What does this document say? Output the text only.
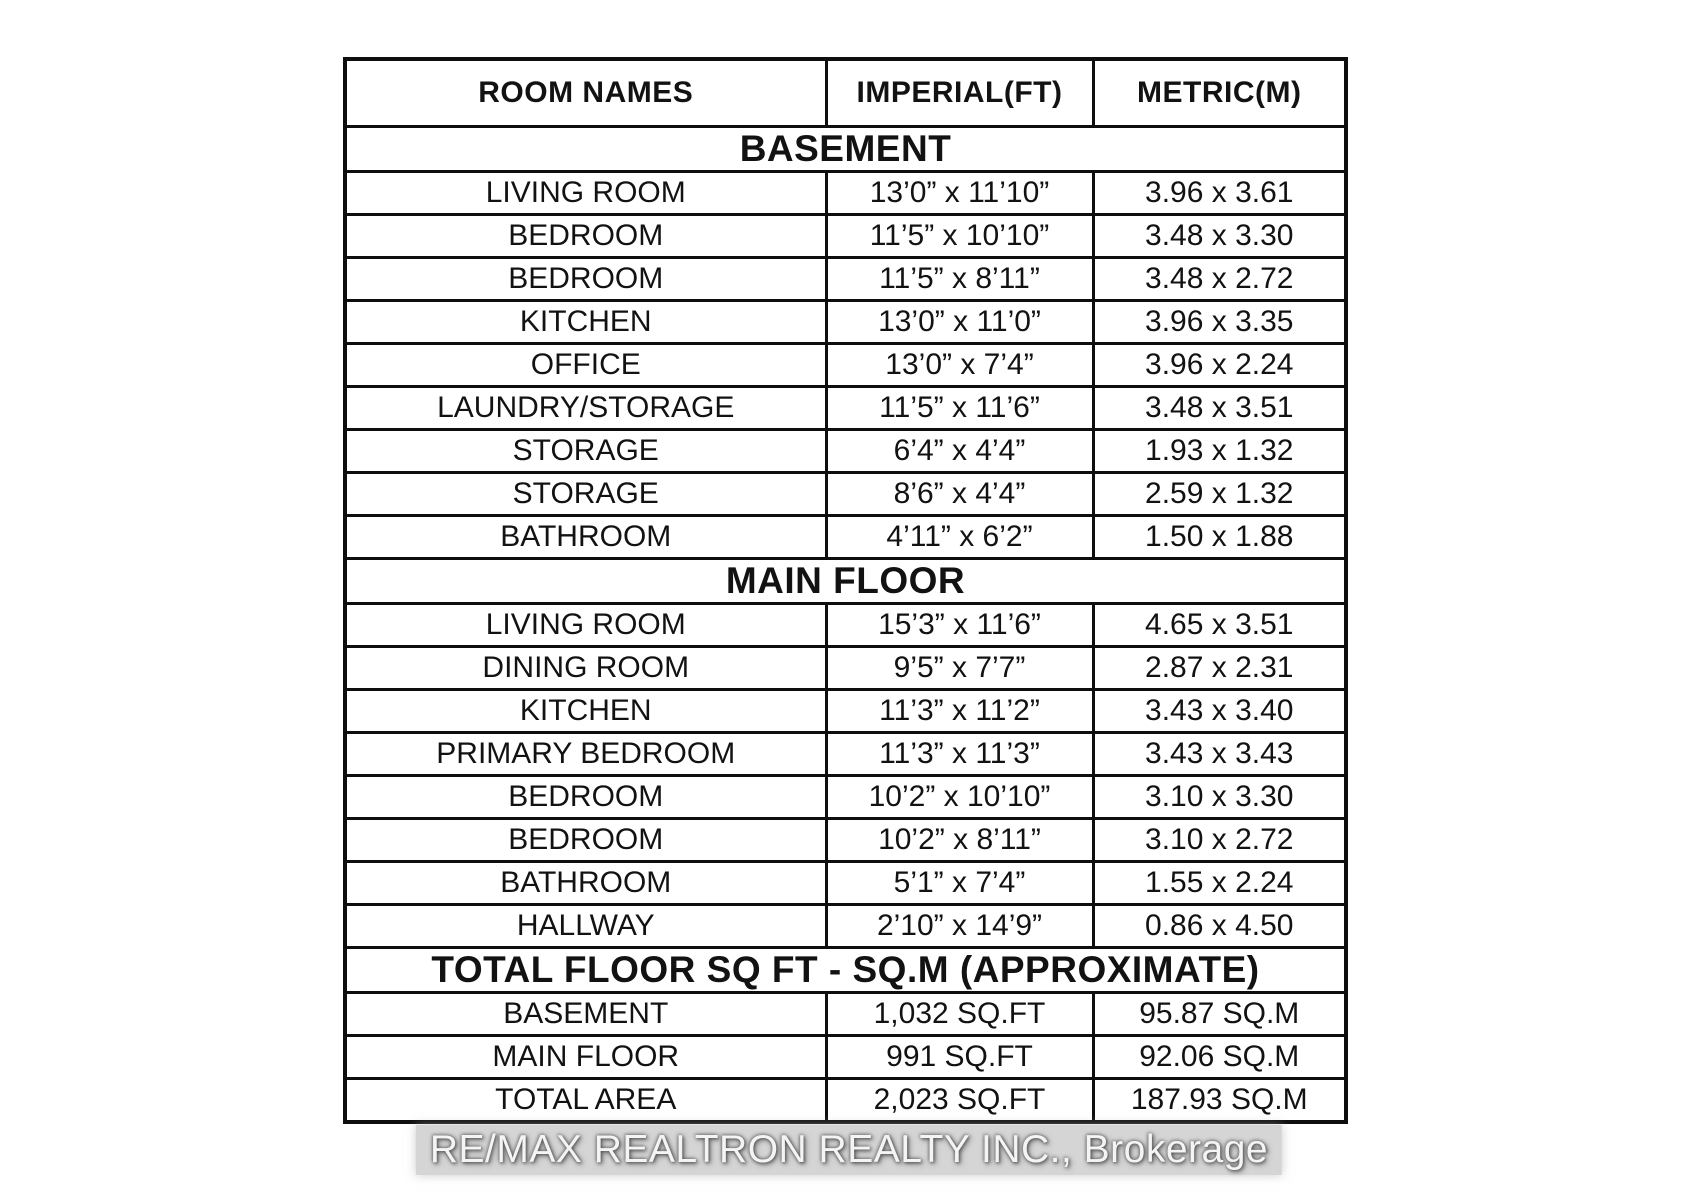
ROOM NAMES	IMPERIAL(FT)	METRIC(M)
BASEMENT		
LIVING ROOM	13’0” x 11’10”	3.96 x 3.61
BEDROOM	11’5” x 10’10”	3.48 x 3.30
BEDROOM	11’5” x 8’11”	3.48 x 2.72
KITCHEN	13’0” x 11’0”	3.96 x 3.35
OFFICE	13’0” x 7’4”	3.96 x 2.24
LAUNDRY/STORAGE	11’5” x 11’6”	3.48 x 3.51
STORAGE	6’4” x 4’4”	1.93 x 1.32
STORAGE	8’6” x 4’4”	2.59 x 1.32
BATHROOM	4’11” x 6’2”	1.50 x 1.88
MAIN FLOOR		
LIVING ROOM	15’3” x 11’6”	4.65 x 3.51
DINING ROOM	9’5” x 7’7”	2.87 x 2.31
KITCHEN	11’3” x 11’2”	3.43 x 3.40
PRIMARY BEDROOM	11’3” x 11’3”	3.43 x 3.43
BEDROOM	10’2” x 10’10”	3.10 x 3.30
BEDROOM	10’2” x 8’11”	3.10 x 2.72
BATHROOM	5’1” x 7’4”	1.55 x 2.24
HALLWAY	2’10” x 14’9”	0.86 x 4.50
TOTAL FLOOR SQ FT - SQ.M (APPROXIMATE)		
BASEMENT	1,032 SQ.FT	95.87 SQ.M
MAIN FLOOR	991 SQ.FT	92.06 SQ.M
TOTAL AREA	2,023 SQ.FT	187.93 SQ.M
RE/MAX REALTRON REALTY INC., Brokerage
